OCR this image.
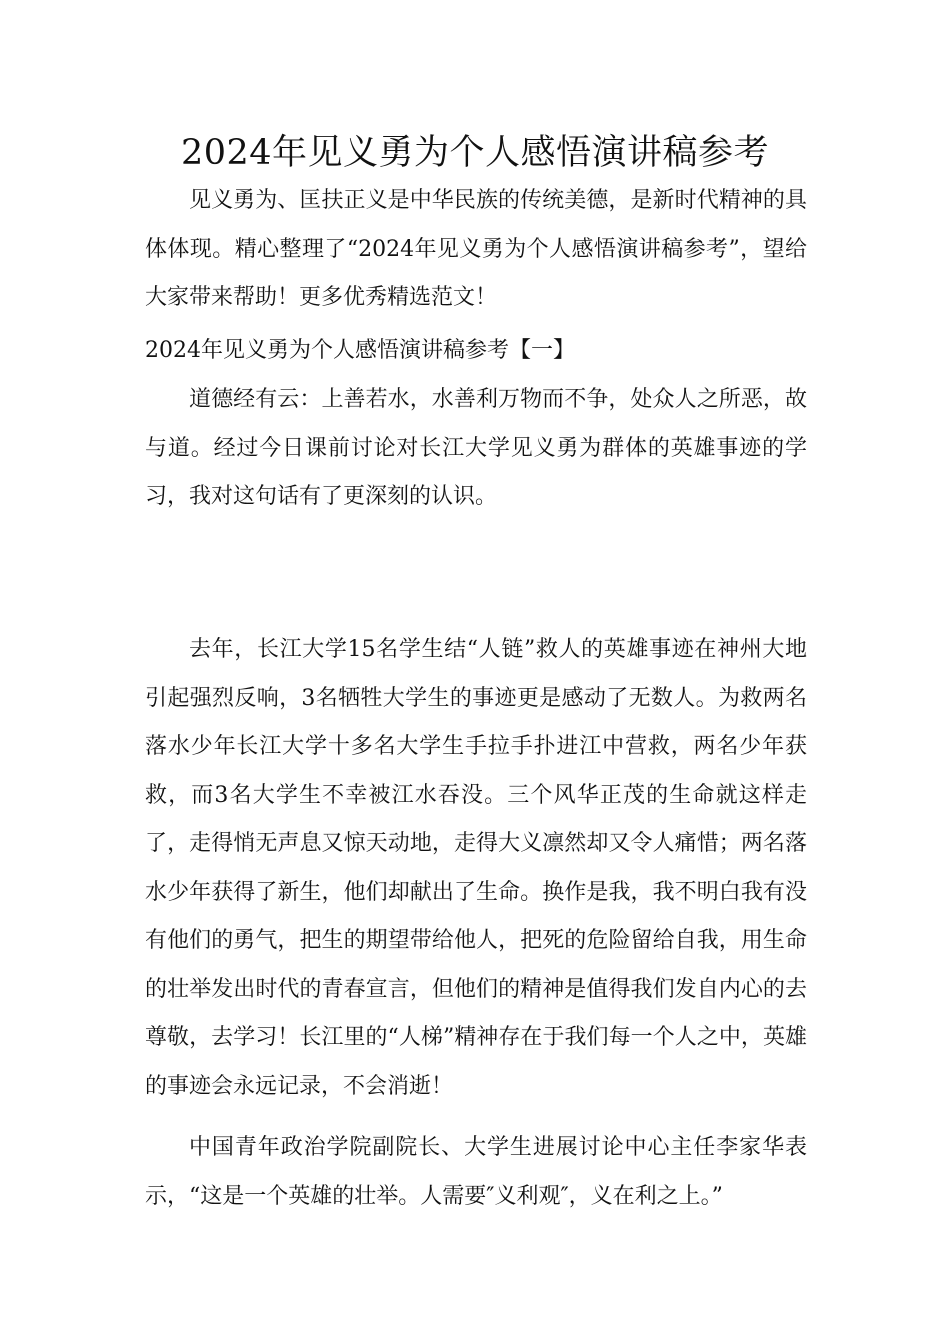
2024年见义勇为个人感悟演讲稿参考

见义勇为、匡扶正义是中华民族的传统美德，是新时代精神的具体体现。精心整理了“2024年见义勇为个人感悟演讲稿参考”，望给大家带来帮助！更多优秀精选范文！

2024年见义勇为个人感悟演讲稿参考【一】

道德经有云：上善若水，水善利万物而不争，处众人之所恶，故与道。经过今日课前讨论对长江大学见义勇为群体的英雄事迹的学习，我对这句话有了更深刻的认识。

去年，长江大学15名学生结“人链”救人的英雄事迹在神州大地引起强烈反响，3名牺牲大学生的事迹更是感动了无数人。为救两名落水少年长江大学十多名大学生手拉手扑进江中营救，两名少年获救，而3名大学生不幸被江水吞没。三个风华正茂的生命就这样走了，走得悄无声息又惊天动地，走得大义凛然却又令人痛惜；两名落水少年获得了新生，他们却献出了生命。换作是我，我不明白我有没有他们的勇气，把生的期望带给他人，把死的危险留给自我，用生命的壮举发出时代的青春宣言，但他们的精神是值得我们发自内心的去尊敬，去学习！长江里的“人梯”精神存在于我们每一个人之中，英雄的事迹会永远记录，不会消逝！

中国青年政治学院副院长、大学生进展讨论中心主任李家华表示，“这是一个英雄的壮举。人需要″义利观″，义在利之上。”
